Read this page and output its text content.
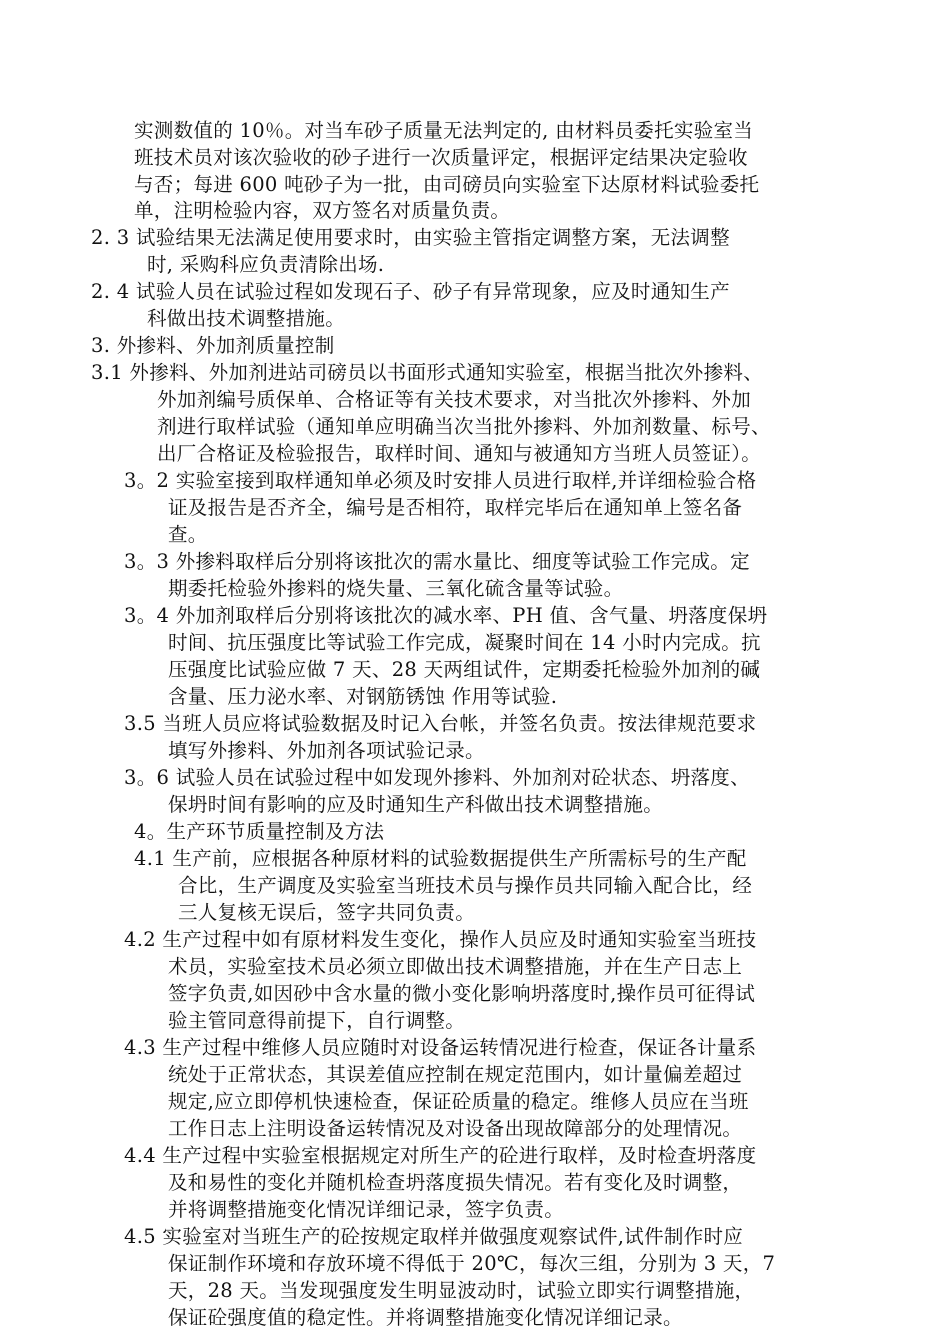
实测数值的 10％。对当车砂子质量无法判定的, 由材料员委托实验室当
班技术员对该次验收的砂子进行一次质量评定，根据评定结果决定验收
与否；每进 600 吨砂子为一批，由司磅员向实验室下达原材料试验委托
单，注明检验内容，双方签名对质量负责。
2. 3 试验结果无法满足使用要求时，由实验主管指定调整方案，无法调整
时, 采购科应负责清除出场.
2. 4 试验人员在试验过程如发现石子、砂子有异常现象，应及时通知生产
科做出技术调整措施。
3. 外掺料、外加剂质量控制
3.1 外掺料、外加剂进站司磅员以书面形式通知实验室，根据当批次外掺料、
外加剂编号质保单、合格证等有关技术要求，对当批次外掺料、外加
剂进行取样试验（通知单应明确当次当批外掺料、外加剂数量、标号、
出厂合格证及检验报告，取样时间、通知与被通知方当班人员签证）。
3。2 实验室接到取样通知单必须及时安排人员进行取样,并详细检验合格
证及报告是否齐全，编号是否相符，取样完毕后在通知单上签名备
查。
3。3 外掺料取样后分别将该批次的需水量比、细度等试验工作完成。定
期委托检验外掺料的烧失量、三氧化硫含量等试验。
3。4 外加剂取样后分别将该批次的减水率、PH 值、含气量、坍落度保坍
时间、抗压强度比等试验工作完成，凝聚时间在 14 小时内完成。抗
压强度比试验应做 7 天、28 天两组试件，定期委托检验外加剂的碱
含量、压力泌水率、对钢筋锈蚀 作用等试验.
3.5 当班人员应将试验数据及时记入台帐，并签名负责。按法律规范要求
填写外掺料、外加剂各项试验记录。
3。6 试验人员在试验过程中如发现外掺料、外加剂对砼状态、坍落度、
保坍时间有影响的应及时通知生产科做出技术调整措施。
4。生产环节质量控制及方法
4.1 生产前，应根据各种原材料的试验数据提供生产所需标号的生产配
合比，生产调度及实验室当班技术员与操作员共同输入配合比，经
三人复核无误后，签字共同负责。
4.2 生产过程中如有原材料发生变化，操作人员应及时通知实验室当班技
术员，实验室技术员必须立即做出技术调整措施，并在生产日志上
签字负责,如因砂中含水量的微小变化影响坍落度时,操作员可征得试
验主管同意得前提下，自行调整。
4.3 生产过程中维修人员应随时对设备运转情况进行检查，保证各计量系
统处于正常状态，其误差值应控制在规定范围内，如计量偏差超过
规定,应立即停机快速检查，保证砼质量的稳定。维修人员应在当班
工作日志上注明设备运转情况及对设备出现故障部分的处理情况。
4.4 生产过程中实验室根据规定对所生产的砼进行取样，及时检查坍落度
及和易性的变化并随机检查坍落度损失情况。若有变化及时调整，
并将调整措施变化情况详细记录，签字负责。
4.5 实验室对当班生产的砼按规定取样并做强度观察试件,试件制作时应
保证制作环境和存放环境不得低于 20℃，每次三组，分别为 3 天，7
天，28 天。当发现强度发生明显波动时，试验立即实行调整措施，
保证砼强度值的稳定性。并将调整措施变化情况详细记录。
